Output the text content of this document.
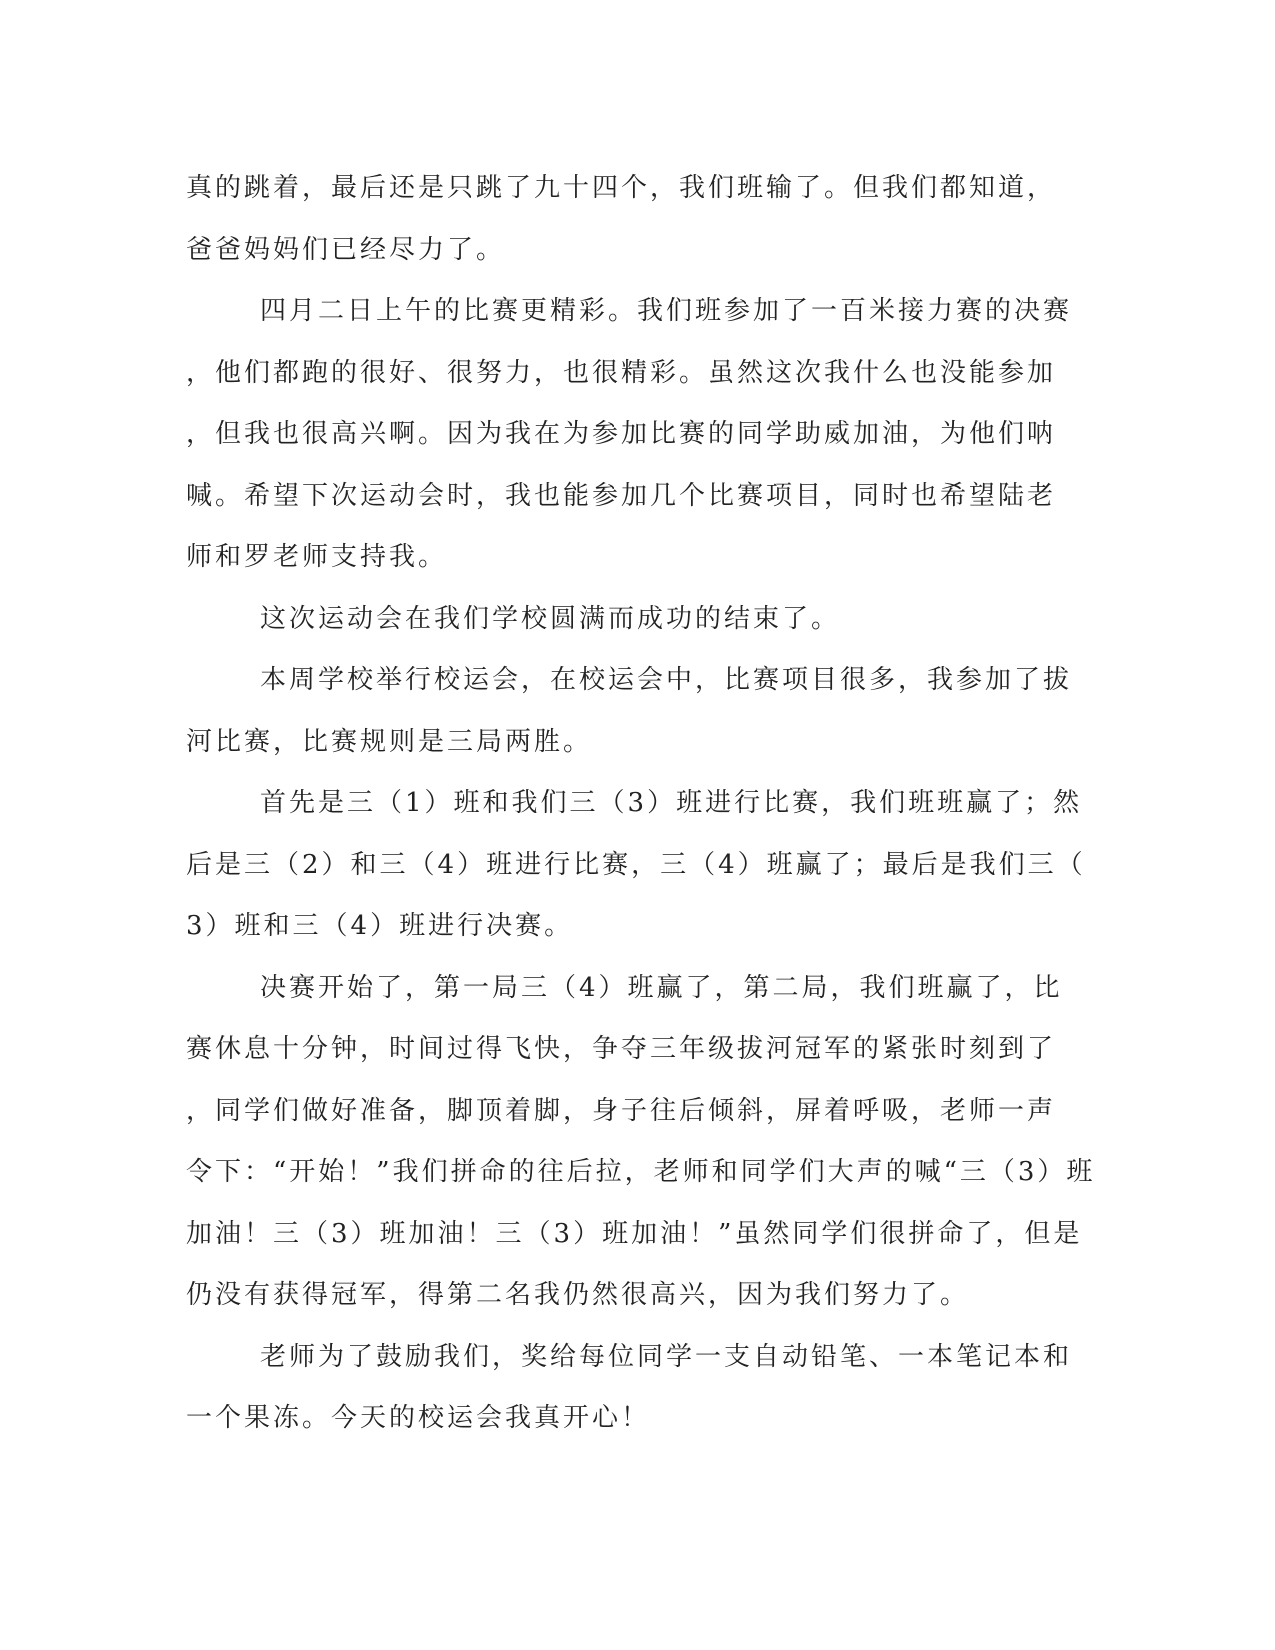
真的跳着，最后还是只跳了九十四个，我们班输了。但我们都知道，

爸爸妈妈们已经尽力了。

四月二日上午的比赛更精彩。我们班参加了一百米接力赛的决赛

，他们都跑的很好、很努力，也很精彩。虽然这次我什么也没能参加

，但我也很高兴啊。因为我在为参加比赛的同学助威加油，为他们呐

喊。希望下次运动会时，我也能参加几个比赛项目，同时也希望陆老

师和罗老师支持我。

这次运动会在我们学校圆满而成功的结束了。

本周学校举行校运会，在校运会中，比赛项目很多，我参加了拔

河比赛，比赛规则是三局两胜。

首先是三（1）班和我们三（3）班进行比赛，我们班班赢了；然

后是三（2）和三（4）班进行比赛，三（4）班赢了；最后是我们三（

3）班和三（4）班进行决赛。

决赛开始了，第一局三（4）班赢了，第二局，我们班赢了，比

赛休息十分钟，时间过得飞快，争夺三年级拔河冠军的紧张时刻到了

，同学们做好准备，脚顶着脚，身子往后倾斜，屏着呼吸，老师一声

令下：“开始！”我们拼命的往后拉，老师和同学们大声的喊“三（3）班

加油！三（3）班加油！三（3）班加油！”虽然同学们很拼命了，但是

仍没有获得冠军，得第二名我仍然很高兴，因为我们努力了。

老师为了鼓励我们，奖给每位同学一支自动铅笔、一本笔记本和

一个果冻。今天的校运会我真开心！
